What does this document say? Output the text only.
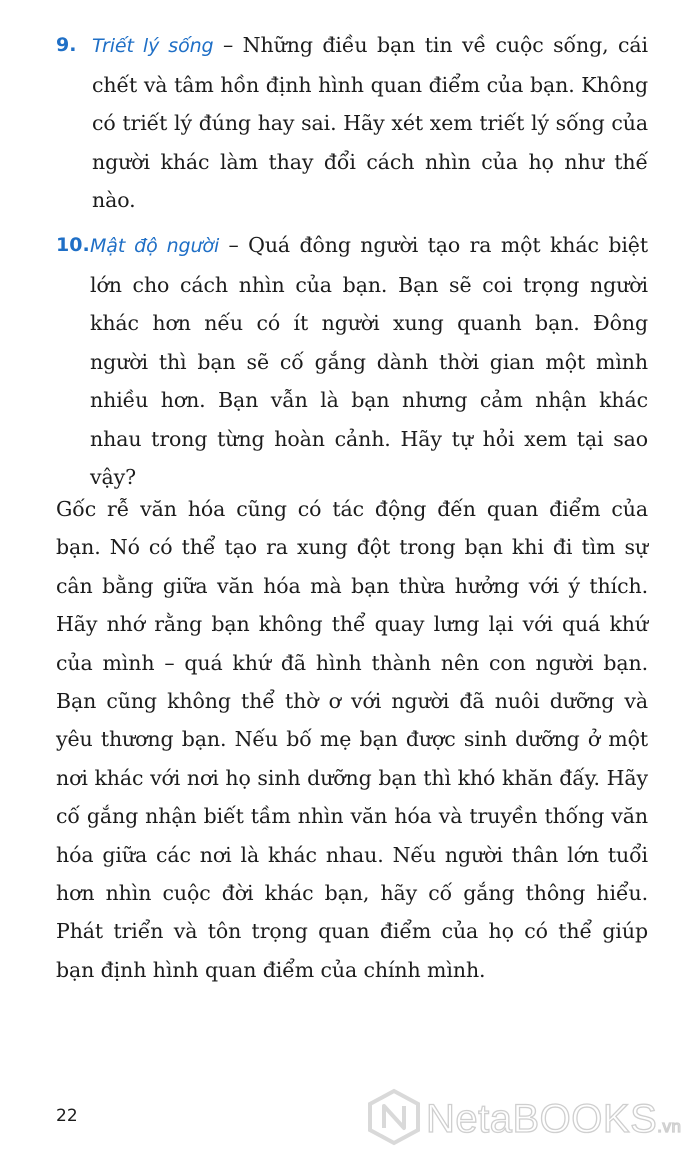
9. Triết lý sống – Những điều bạn tin về cuộc sống, cái chết và tâm hồn định hình quan điểm của bạn. Không có triết lý đúng hay sai. Hãy xét xem triết lý sống của người khác làm thay đổi cách nhìn của họ như thế nào.
10. Mật độ người – Quá đông người tạo ra một khác biệt lớn cho cách nhìn của bạn. Bạn sẽ coi trọng người khác hơn nếu có ít người xung quanh bạn. Đông người thì bạn sẽ cố gắng dành thời gian một mình nhiều hơn. Bạn vẫn là bạn nhưng cảm nhận khác nhau trong từng hoàn cảnh. Hãy tự hỏi xem tại sao vậy?

Gốc rễ văn hóa cũng có tác động đến quan điểm của bạn. Nó có thể tạo ra xung đột trong bạn khi đi tìm sự cân bằng giữa văn hóa mà bạn thừa hưởng với ý thích. Hãy nhớ rằng bạn không thể quay lưng lại với quá khứ của mình – quá khứ đã hình thành nên con người bạn. Bạn cũng không thể thờ ơ với người đã nuôi dưỡng và yêu thương bạn. Nếu bố mẹ bạn được sinh dưỡng ở một nơi khác với nơi họ sinh dưỡng bạn thì khó khăn đấy. Hãy cố gắng nhận biết tầm nhìn văn hóa và truyền thống văn hóa giữa các nơi là khác nhau. Nếu người thân lớn tuổi hơn nhìn cuộc đời khác bạn, hãy cố gắng thông hiểu. Phát triển và tôn trọng quan điểm của họ có thể giúp bạn định hình quan điểm của chính mình.

22	NetaBOOKS.vn
